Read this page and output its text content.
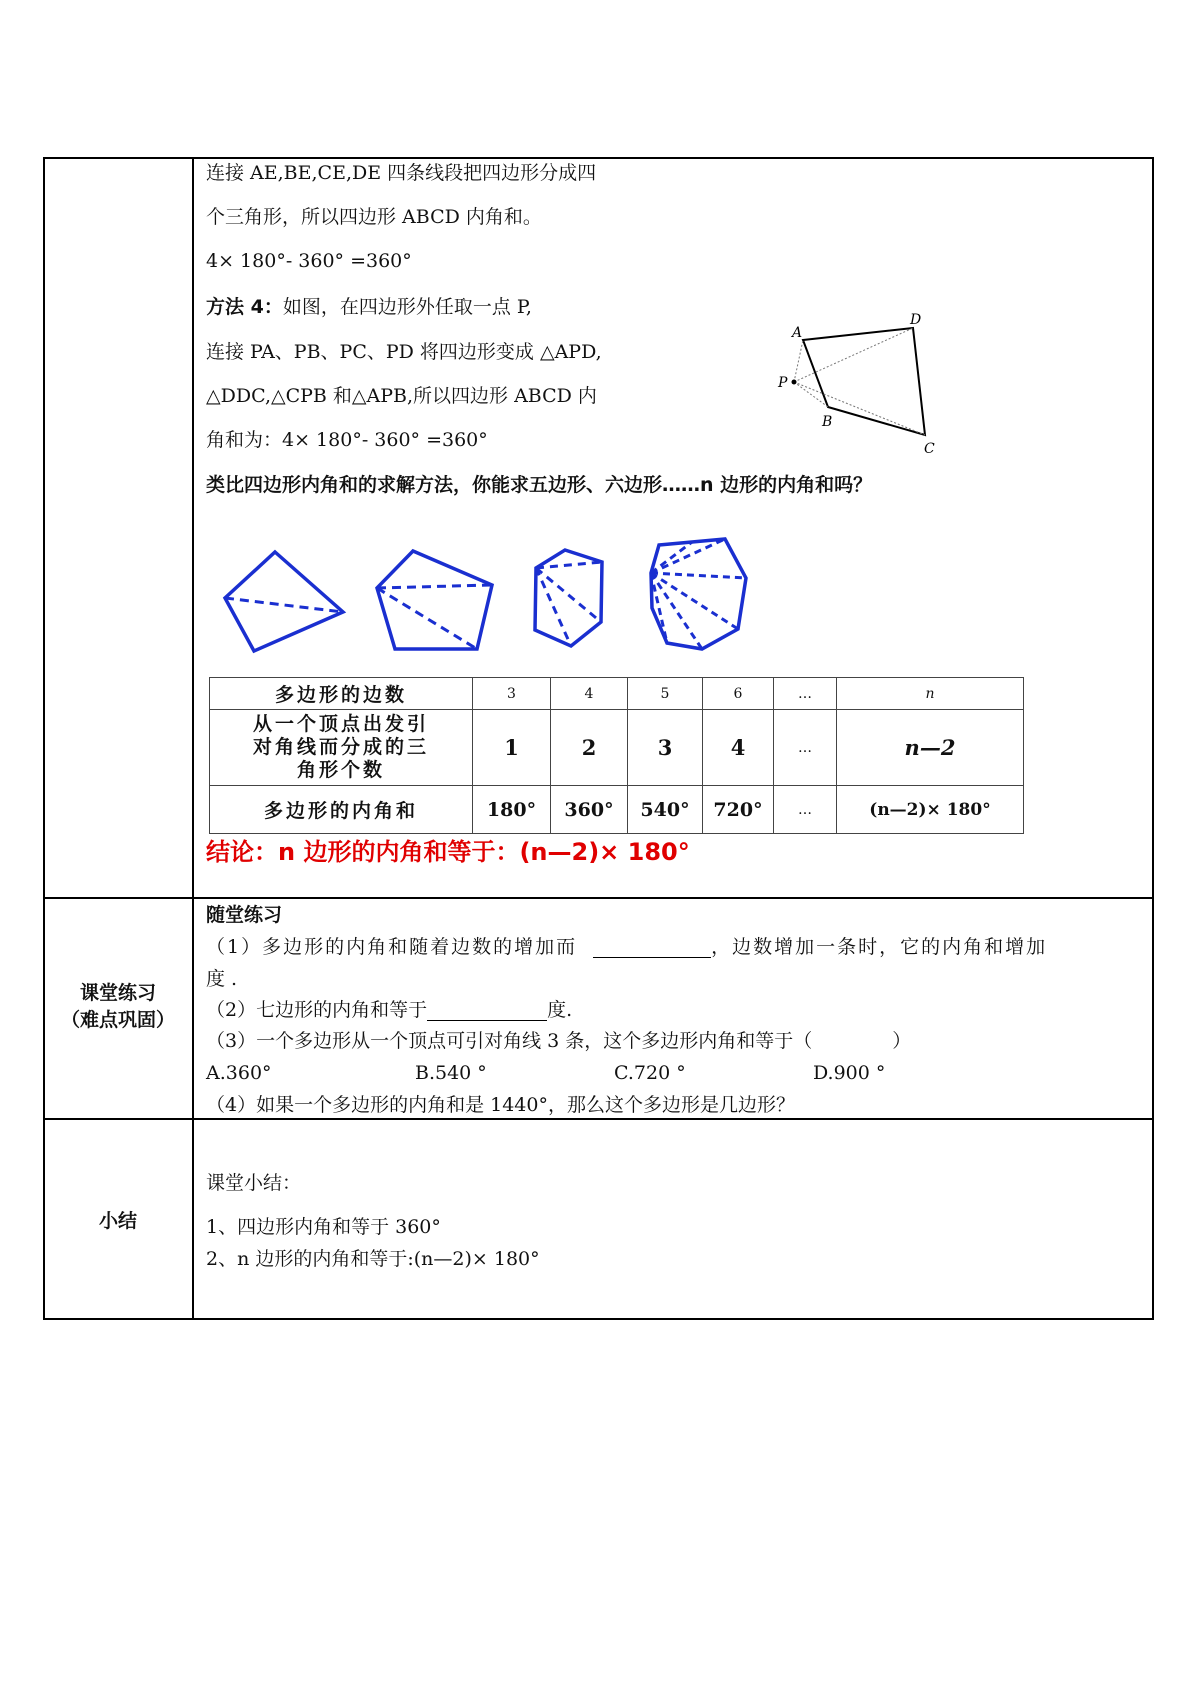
连接 AE,BE,CE,DE 四条线段把四边形分成四
个三角形，所以四边形 ABCD 内角和。
4× 180°- 360° =360°
方法 4：如图，在四边形外任取一点 P,
连接 PA、PB、PC、PD 将四边形变成 △APD,
△DDC,△CPB 和△APB,所以四边形 ABCD 内
角和为：4× 180°- 360° =360°
A
D
P
B
C
类比四边形内角和的求解方法，你能求五边形、六边形……n 边形的内角和吗？
多边形的边数	3	4	5	6	…	n

从一个顶点出发引
对角线而分成的三
角形个数	1	2	3	4	…	n—2
多边形的内角和	180°	360°	540°	720°	…	(n—2)× 180°
结论：n 边形的内角和等于：(n—2)× 180°
课堂练习
（难点巩固）
随堂练习
（1）多边形的内角和随着边数的增加而	，边数增加一条时，它的内角和增加
度 .
（2）七边形的内角和等于	度.
（3）一个多边形从一个顶点可引对角线 3 条，这个多边形内角和等于（	）
A.360°	B.540 °	C.720 °	D.900 °
（4）如果一个多边形的内角和是 1440°，那么这个多边形是几边形？
小结
课堂小结：
1、四边形内角和等于 360°
2、n 边形的内角和等于:(n—2)× 180°
